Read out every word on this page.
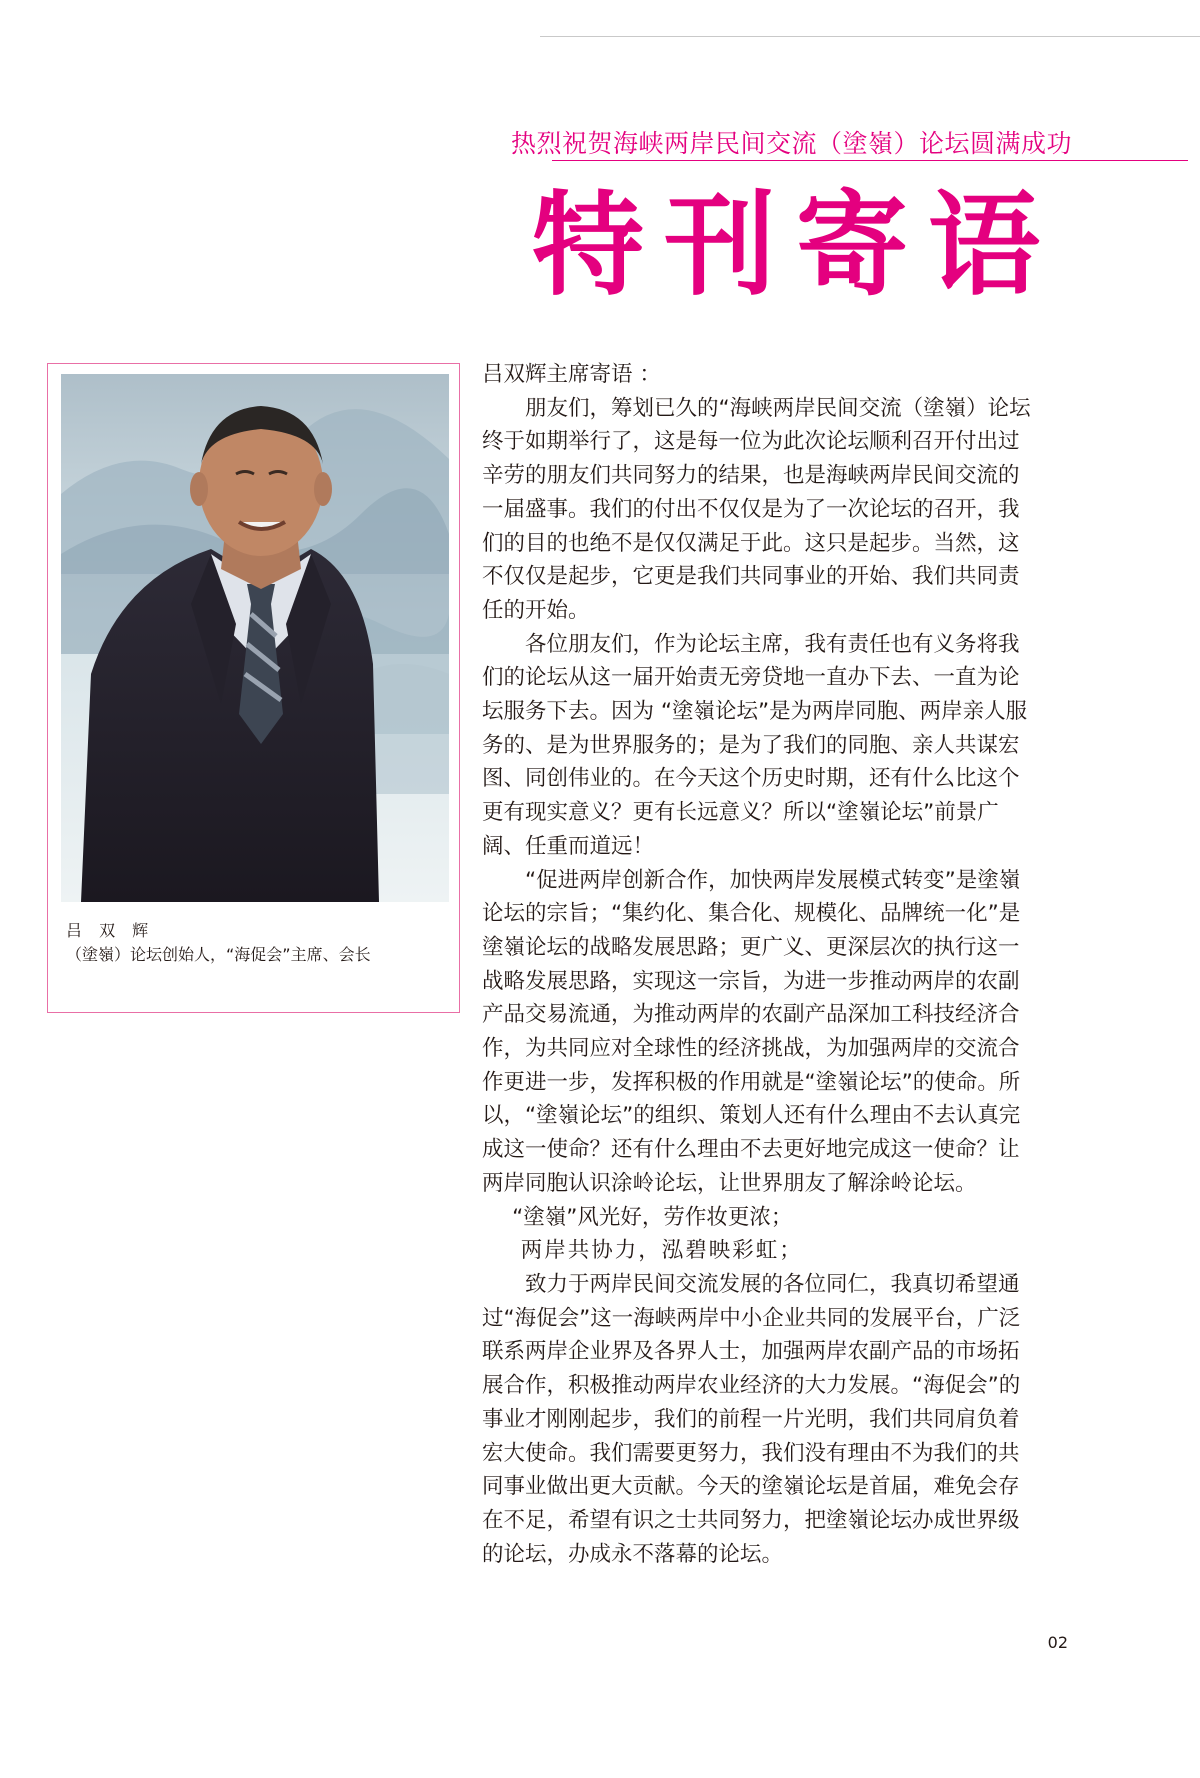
热烈祝贺海峡两岸民间交流（塗嶺）论坛圆满成功
特刊寄语
吕 双 辉
（塗嶺）论坛创始人，“海促会”主席、会长

吕双辉主席寄语 ：

朋友们，筹划已久的“海峡两岸民间交流（塗嶺）论坛终于如期举行了，这是每一位为此次论坛顺利召开付出过辛劳的朋友们共同努力的结果，也是海峡两岸民间交流的一届盛事。我们的付出不仅仅是为了一次论坛的召开，我们的目的也绝不是仅仅满足于此。这只是起步。当然，这不仅仅是起步，它更是我们共同事业的开始、我们共同责任的开始。

各位朋友们，作为论坛主席，我有责任也有义务将我们的论坛从这一届开始责无旁贷地一直办下去、一直为论坛服务下去。因为 “塗嶺论坛”是为两岸同胞、两岸亲人服务的、是为世界服务的；是为了我们的同胞、亲人共谋宏图、同创伟业的。在今天这个历史时期，还有什么比这个更有现实意义？更有长远意义？所以“塗嶺论坛”前景广阔、任重而道远！

“促进两岸创新合作，加快两岸发展模式转变”是塗嶺论坛的宗旨；“集约化、集合化、规模化、品牌统一化”是塗嶺论坛的战略发展思路；更广义、更深层次的执行这一战略发展思路，实现这一宗旨，为进一步推动两岸的农副产品交易流通，为推动两岸的农副产品深加工科技经济合作，为共同应对全球性的经济挑战，为加强两岸的交流合作更进一步，发挥积极的作用就是“塗嶺论坛”的使命。所以，“塗嶺论坛”的组织、策划人还有什么理由不去认真完成这一使命？还有什么理由不去更好地完成这一使命？让两岸同胞认识涂岭论坛，让世界朋友了解涂岭论坛。

“塗嶺”风光好，劳作妆更浓；

两岸共协力，泓碧映彩虹；

致力于两岸民间交流发展的各位同仁，我真切希望通过“海促会”这一海峡两岸中小企业共同的发展平台，广泛联系两岸企业界及各界人士，加强两岸农副产品的市场拓展合作，积极推动两岸农业经济的大力发展。“海促会”的事业才刚刚起步，我们的前程一片光明，我们共同肩负着宏大使命。我们需要更努力，我们没有理由不为我们的共同事业做出更大贡献。今天的塗嶺论坛是首届，难免会存在不足，希望有识之士共同努力，把塗嶺论坛办成世界级的论坛，办成永不落幕的论坛。

02
